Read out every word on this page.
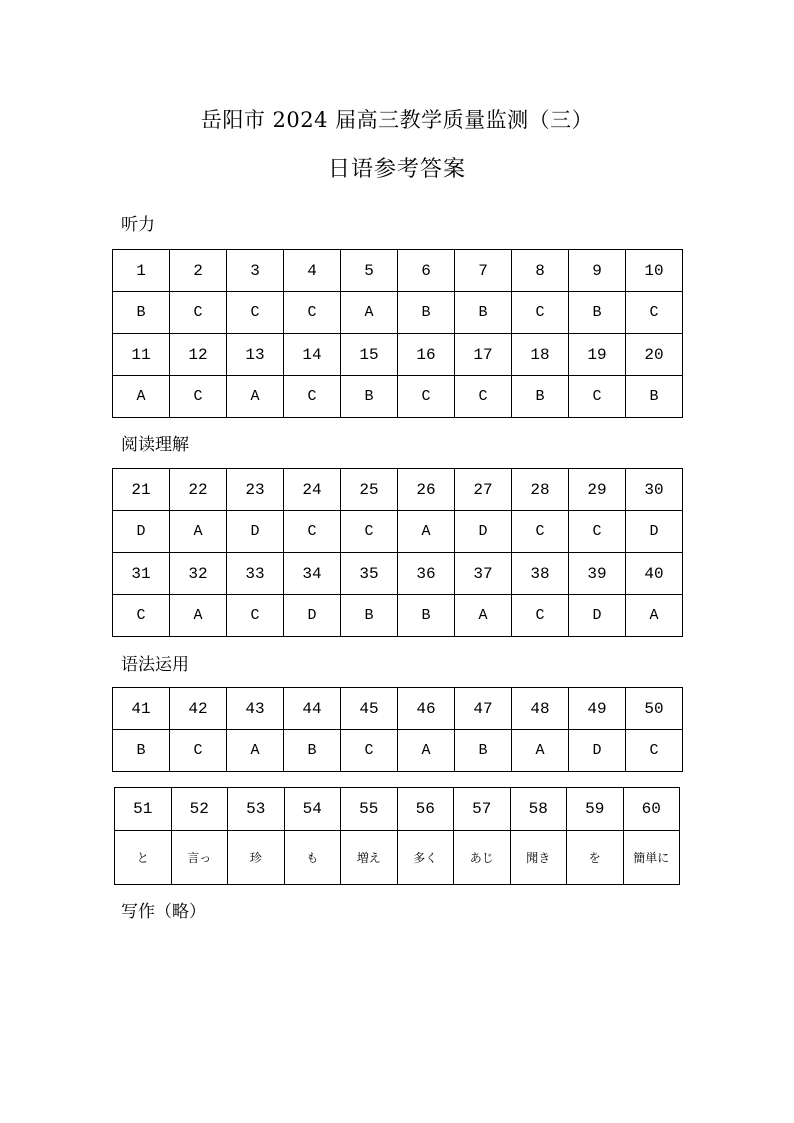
岳阳市 2024 届高三教学质量监测（三）
日语参考答案
听力
1	2	3	4	5	6	7	8	9	10
B	C	C	C	A	B	B	C	B	C
11	12	13	14	15	16	17	18	19	20
A	C	A	C	B	C	C	B	C	B
阅读理解
21	22	23	24	25	26	27	28	29	30
D	A	D	C	C	A	D	C	C	D
31	32	33	34	35	36	37	38	39	40
C	A	C	D	B	B	A	C	D	A
语法运用
41	42	43	44	45	46	47	48	49	50
B	C	A	B	C	A	B	A	D	C
51	52	53	54	55	56	57	58	59	60
と	言っ	珍	も	増え	多く	あじ	聞き	を	簡単に
写作（略）
